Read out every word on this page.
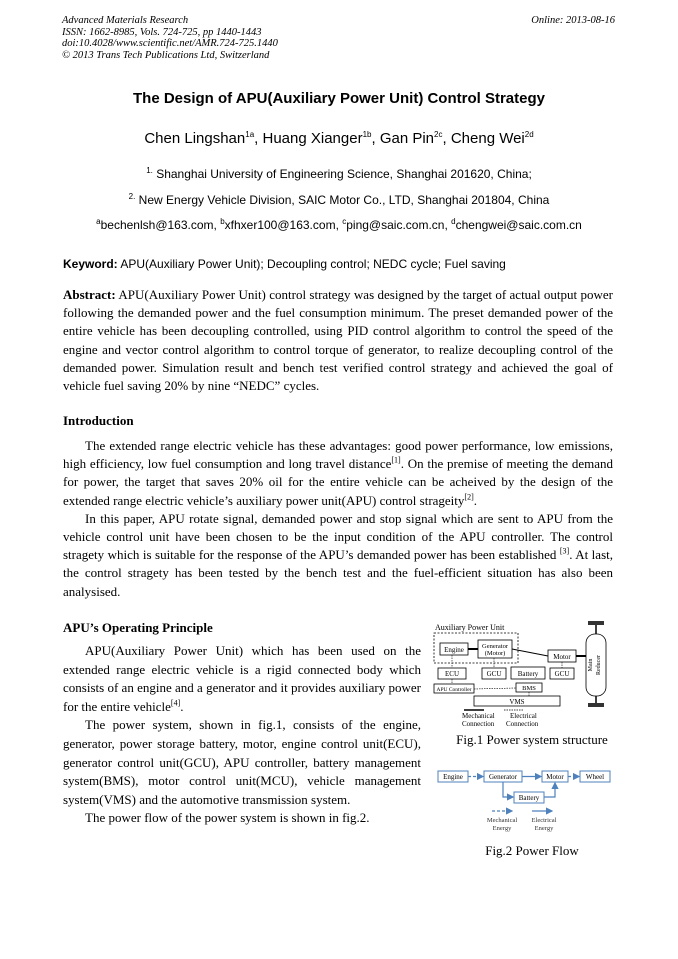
Advanced Materials Research
ISSN: 1662-8985, Vols. 724-725, pp 1440-1443
doi:10.4028/www.scientific.net/AMR.724-725.1440
© 2013 Trans Tech Publications Ltd, Switzerland
Online: 2013-08-16
The Design of APU(Auxiliary Power Unit) Control Strategy
Chen Lingshan$^{1a}$, Huang Xianger$^{1b}$, Gan Pin$^{2c}$, Cheng Wei$^{2d}$
$^{1.}$ Shanghai University of Engineering Science, Shanghai 201620, China;
$^{2.}$ New Energy Vehicle Division, SAIC Motor Co., LTD, Shanghai 201804, China
$^a$bechenlsh@163.com, $^b$xfhxer100@163.com, $^c$ping@saic.com.cn, $^d$chengwei@saic.com.cn
Keyword: APU(Auxiliary Power Unit); Decoupling control; NEDC cycle; Fuel saving

Abstract: APU(Auxiliary Power Unit) control strategy was designed by the target of actual output power following the demanded power and the fuel consumption minimum. The preset demanded power of the entire vehicle has been decoupling controlled, using PID control algorithm to control the speed of the engine and vector control algorithm to control torque of generator, to realize decoupling control of the demanded power. Simulation result and bench test verified control strategy and achieved the goal of vehicle fuel saving 20% by nine “NEDC” cycles.

Introduction

The extended range electric vehicle has these advantages: good power performance, low emissions, high efficiency, low fuel consumption and long travel distance[1]. On the premise of meeting the demand for power, the target that saves 20% oil for the entire vehicle can be acheived by the design of the extended range electric vehicle’s auxiliary power unit(APU) control strageity[2].

In this paper, APU rotate signal, demanded power and stop signal which are sent to APU from the vehicle control unit have been chosen to be the input condition of the APU controller. The control stragety which is suitable for the response of the APU’s demanded power has been established [3]. At last, the control stragety has been tested by the bench test and the fuel-efficient situation has also been analysised.

APU’s Operating Principle

APU(Auxiliary Power Unit) which has been used on the extended range electric vehicle is a rigid connected body which consists of an engine and a generator and it provides auxiliary power for the entire vehicle[4].

The power system, shown in fig.1, consists of the engine, generator, power storage battery, motor, engine control unit(ECU), generator control unit(GCU), APU controller, battery management system(BMS), motor control unit(MCU), vehicle management system(VMS) and the automotive transmission system.

The power flow of the power system is shown in fig.2.

Auxiliary Power Unit
Engine	Generator
(Motor)
Main Reducer
Motor
ECU	GCU Battery GCU
APU Controller	BMS
VMS
Mechanical
Connection
Electrical
Connection
Fig.1 Power system structure
Engine	Generator	Motor	Wheel
Battery
Mechanical
Energy
Electrical
Energy
Fig.2 Power Flow
